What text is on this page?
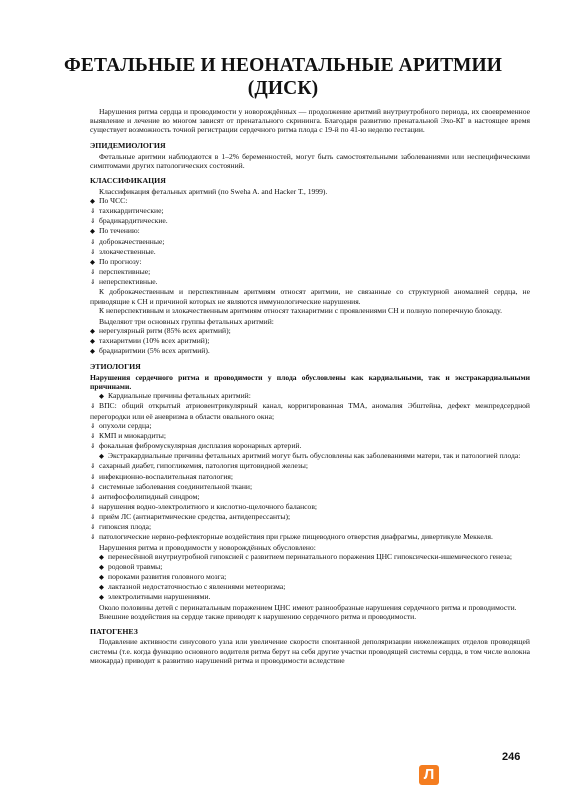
ФЕТАЛЬНЫЕ И НЕОНАТАЛЬНЫЕ АРИТМИИ
(ДИСК)

Нарушения ритма сердца и проводимости у новорождённых — продолжение аритмий внутриутробного периода, их своевременное выявление и лечение во многом зависят от пренатального скрининга. Благодаря развитию пренатальной Эхо-КГ в настоящее время существует возможность точной регистрации сердечного ритма плода с 19-й по 41-ю неделю гестации.

ЭПИДЕМИОЛОГИЯ

Фетальные аритмии наблюдаются в 1–2% беременностей, могут быть самостоятельными заболеваниями или неспецифическими симптомами других патологических состояний.

КЛАССИФИКАЦИЯ

Классификация фетальных аритмий (по Sweha A. and Hacker T., 1999).

◆ По ЧСС:
⇓ тахикардитические;
⇓ брадикардитические.
◆ По течению:
⇓ доброкачественные;
⇓ злокачественные.
◆ По прогнозу:
⇓ перспективные;
⇓ неперспективные.

К доброкачественным и перспективным аритмиям относят аритмии, не связанные со структурной аномалией сердца, не приводящие к СН и причиной которых не являются иммунологические нарушения.

К неперспективным и злокачественным аритмиям относят тахиаритмии с проявлениями СН и полную поперечную блокаду.

Выделяют три основных группы фетальных аритмий:

◆ нерегулярный ритм (85% всех аритмий);
◆ тахиаритмии (10% всех аритмий);
◆ брадиаритмии (5% всех аритмий).
ЭТИОЛОГИЯ

Нарушения сердечного ритма и проводимости у плода обусловлены как кардиальными, так и экстракардиальными причинами.

◆ Кардиальные причины фетальных аритмий:
⇓ ВПС: общий открытый атриовентрикулярный канал, корригированная ТМА, аномалия Эбштейна, дефект межпредсердной перегородки или её аневризма в области овального окна;
⇓ опухоли сердца;
⇓ КМП и миокардиты;
⇓ фокальная фибромускулярная дисплазия коронарных артерий.
◆ Экстракардиальные причины фетальных аритмий могут быть обусловлены как заболеваниями матери, так и патологией плода:
⇓ сахарный диабет, гипогликемия, патология щитовидной железы;
⇓ инфекционно-воспалительная патология;
⇓ системные заболевания соединительной ткани;
⇓ антифосфолипидный синдром;
⇓ нарушения водно-электролитного и кислотно-щелочного балансов;
⇓ приём ЛС (антиаритмические средства, антидепрессанты);
⇓ гипоксия плода;
⇓ патологические нервно-рефлекторные воздействия при грыже пищеводного отверстия диафрагмы, дивертикуле Меккеля.

Нарушения ритма и проводимости у новорождённых обусловлено:

◆ перенесённой внутриутробной гипоксией с развитием перинатального поражения ЦНС гипоксически-ишемического генеза;
◆ родовой травмы;
◆ пороками развития головного мозга;
◆ лактазной недостаточностью с явлениями метеоризма;
◆ электролитными нарушениями.

Около половины детей с перинатальным поражением ЦНС имеют разнообразные нарушения сердечного ритма и проводимости.

Внешние воздействия на сердце также приводят к нарушению сердечного ритма и проводимости.

ПАТОГЕНЕЗ

Подавление активности синусового узла или увеличение скорости спонтанной деполяризации нижележащих отделов проводящей системы (т.е. когда функцию основного водителя ритма берут на себя другие участки проводящей системы сердца, в том числе волокна миокарда) приводит к развитию нарушений ритма и проводимости вследствие

246
Л
